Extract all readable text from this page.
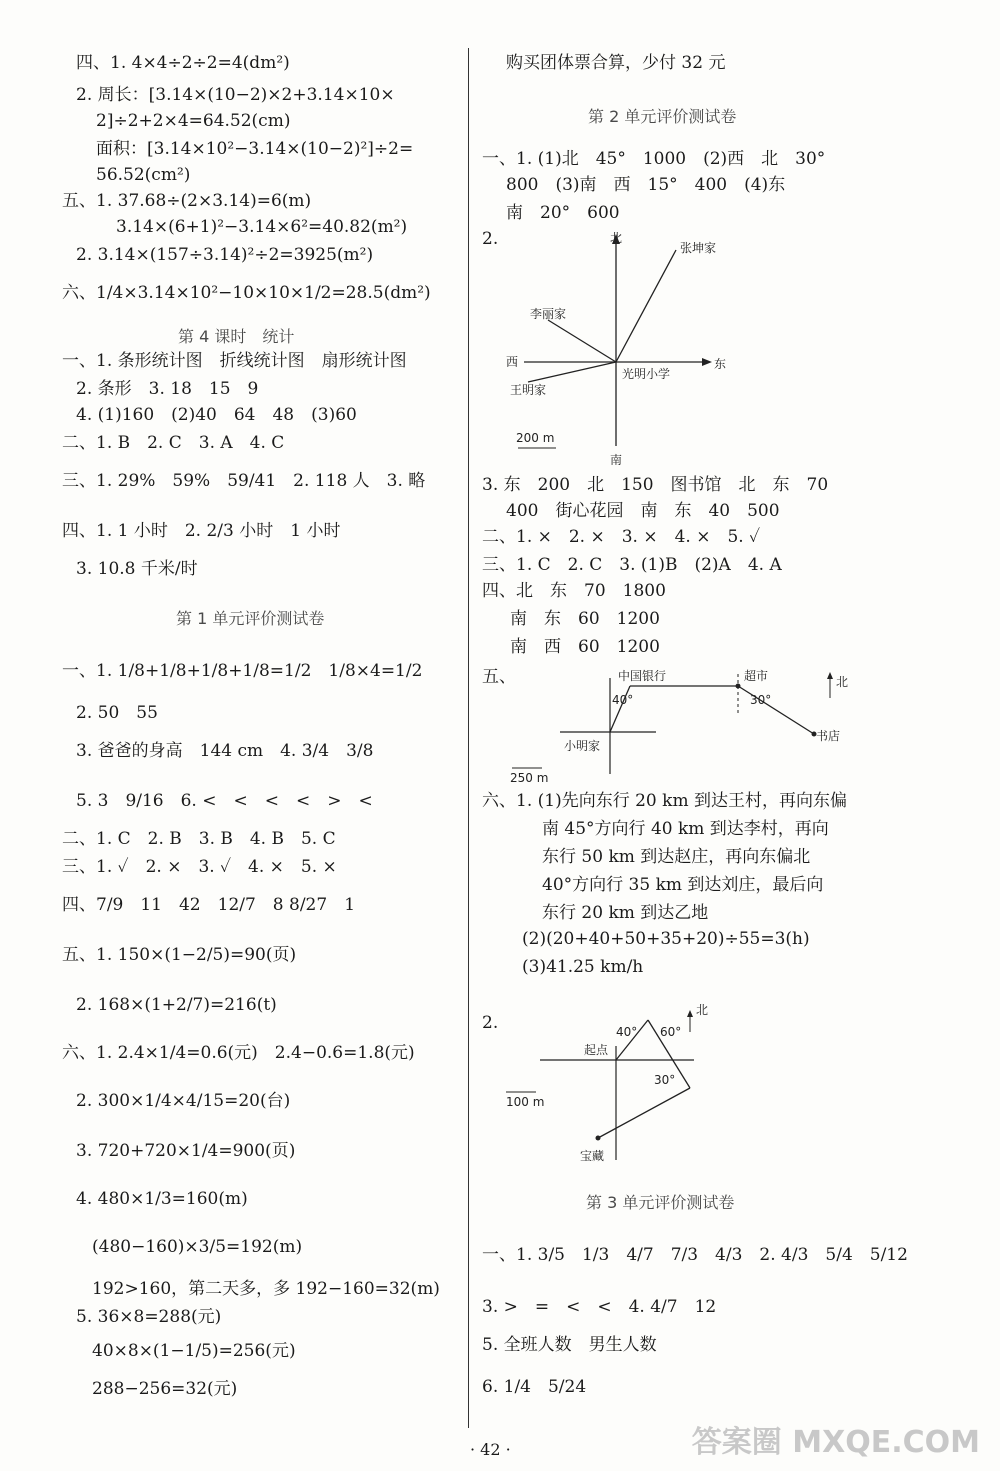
四、1. 4×4÷2÷2=4(dm²)
2. 周长：[3.14×(10−2)×2+3.14×10×
2]÷2+2×4=64.52(cm)
面积：[3.14×10²−3.14×(10−2)²]÷2=
56.52(cm²)
五、1. 37.68÷(2×3.14)=6(m)
3.14×(6+1)²−3.14×6²=40.82(m²)
2. 3.14×(157÷3.14)²÷2=3925(m²)
六、1/4×3.14×10²−10×10×1/2=28.5(dm²)
第 4 课时　统计
一、1. 条形统计图　折线统计图　扇形统计图
2. 条形　3. 18　15　9
4. (1)160　(2)40　64　48　(3)60
二、1. B　2. C　3. A　4. C
三、1. 29%　59%　59/41　2. 118 人　3. 略
四、1. 1 小时　2. 2/3 小时　1 小时
3. 10.8 千米/时
第 1 单元评价测试卷
一、1. 1/8+1/8+1/8+1/8=1/2　1/8×4=1/2
2. 50　55
3. 爸爸的身高　144 cm　4. 3/4　3/8
5. 3　9/16　6. <　<　<　<　>　<
二、1. C　2. B　3. B　4. B　5. C
三、1. ✓　2. ×　3. ✓　4. ×　5. ×
四、7/9　11　42　12/7　8 8/27　1
五、1. 150×(1−2/5)=90(页)
2. 168×(1+2/7)=216(t)
六、1. 2.4×1/4=0.6(元)　2.4−0.6=1.8(元)
2. 300×1/4×4/15=20(台)
3. 720+720×1/4=900(页)
4. 480×1/3=160(m)
(480−160)×3/5=192(m)
192>160，第二天多，多 192−160=32(m)
5. 36×8=288(元)
40×8×(1−1/5)=256(元)
288−256=32(元)
购买团体票合算，少付 32 元
第 2 单元评价测试卷
一、1. (1)北　45°　1000　(2)西　北　30°
800　(3)南　西　15°　400　(4)东
南　20°　600
2.
3. 东　200　北　150　图书馆　北　东　70
400　街心花园　南　东　40　500
二、1. ×　2. ×　3. ×　4. ×　5. ✓
三、1. C　2. C　3. (1)B　(2)A　4. A
四、北　东　70　1800
南　东　60　1200
南　西　60　1200
五、
六、1. (1)先向东行 20 km 到达王村，再向东偏
南 45°方向行 40 km 到达李村，再向
东行 50 km 到达赵庄，再向东偏北
40°方向行 35 km 到达刘庄，最后向
东行 20 km 到达乙地
(2)(20+40+50+35+20)÷55=3(h)
(3)41.25 km/h
2.
第 3 单元评价测试卷
一、1. 3/5　1/3　4/7　7/3　4/3　2. 4/3　5/4　5/12
3. >　=　<　<　4. 4/7　12
5. 全班人数　男生人数
6. 1/4　5/24
北
南
东
西
光明小学
张坤家
李丽家
王明家
200 m
中国银行	超市
小明家
书店
北
40°	30°
250 m
起点
宝藏
北
30°
100 m
40° 60°
· 42 ·	答案圈 MXQE.COM
